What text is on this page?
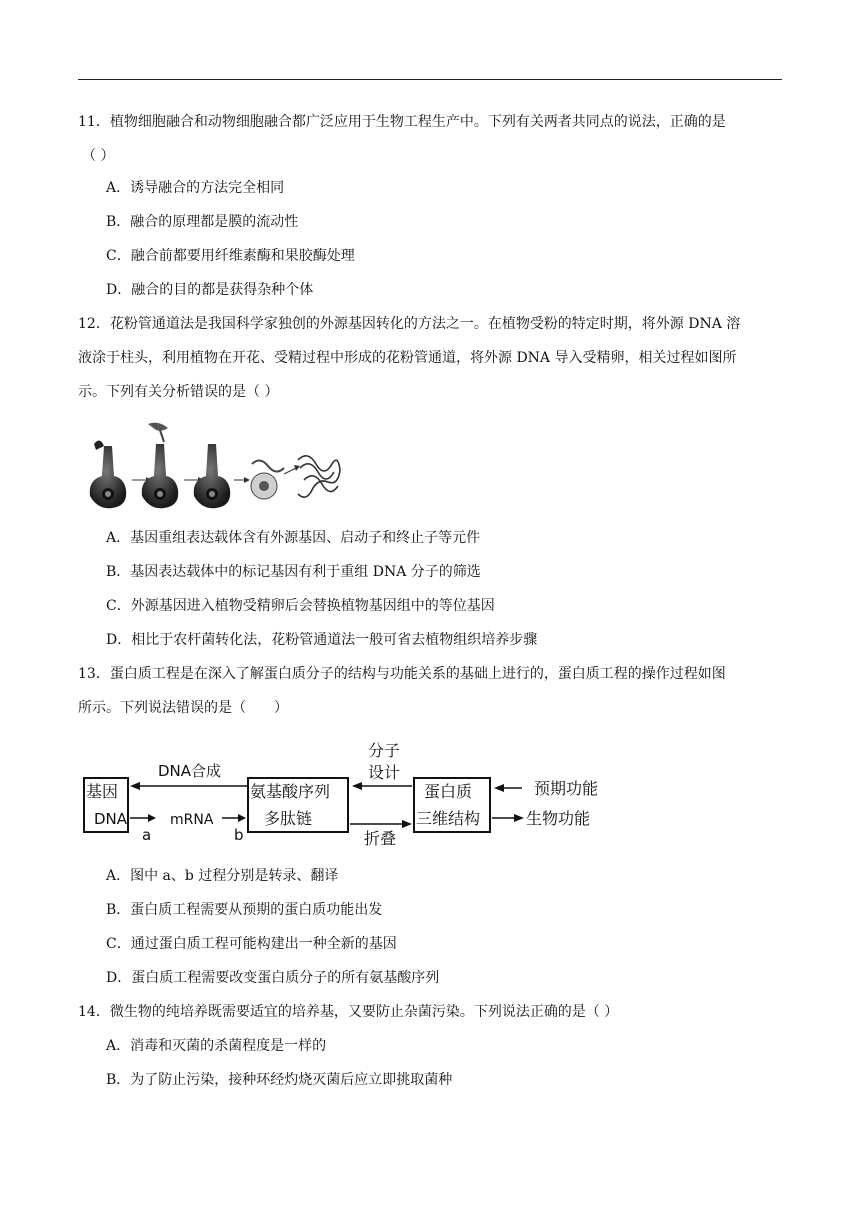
11．植物细胞融合和动物细胞融合都广泛应用于生物工程生产中。下列有关两者共同点的说法，正确的是
（ ）
A．诱导融合的方法完全相同
B．融合的原理都是膜的流动性
C．融合前都要用纤维素酶和果胶酶处理
D．融合的目的都是获得杂种个体
12．花粉管通道法是我国科学家独创的外源基因转化的方法之一。在植物受粉的特定时期，将外源 DNA 溶
液涂于柱头，利用植物在开花、受精过程中形成的花粉管通道，将外源 DNA 导入受精卵，相关过程如图所
示。下列有关分析错误的是（ ）
A．基因重组表达载体含有外源基因、启动子和终止子等元件
B．基因表达载体中的标记基因有利于重组 DNA 分子的筛选
C．外源基因进入植物受精卵后会替换植物基因组中的等位基因
D．相比于农杆菌转化法，花粉管通道法一般可省去植物组织培养步骤
13．蛋白质工程是在深入了解蛋白质分子的结构与功能关系的基础上进行的，蛋白质工程的操作过程如图
所示。下列说法错误的是（　　）
基因
DNA
氨基酸序列
多肽链
蛋白质
三维结构
DNA合成
a
mRNA
b
分子
设计
折叠
预期功能
生物功能
A．图中 a、b 过程分别是转录、翻译
B．蛋白质工程需要从预期的蛋白质功能出发
C．通过蛋白质工程可能构建出一种全新的基因
D．蛋白质工程需要改变蛋白质分子的所有氨基酸序列
14．微生物的纯培养既需要适宜的培养基，又要防止杂菌污染。下列说法正确的是（ ）
A．消毒和灭菌的杀菌程度是一样的
B．为了防止污染，接种环经灼烧灭菌后应立即挑取菌种
